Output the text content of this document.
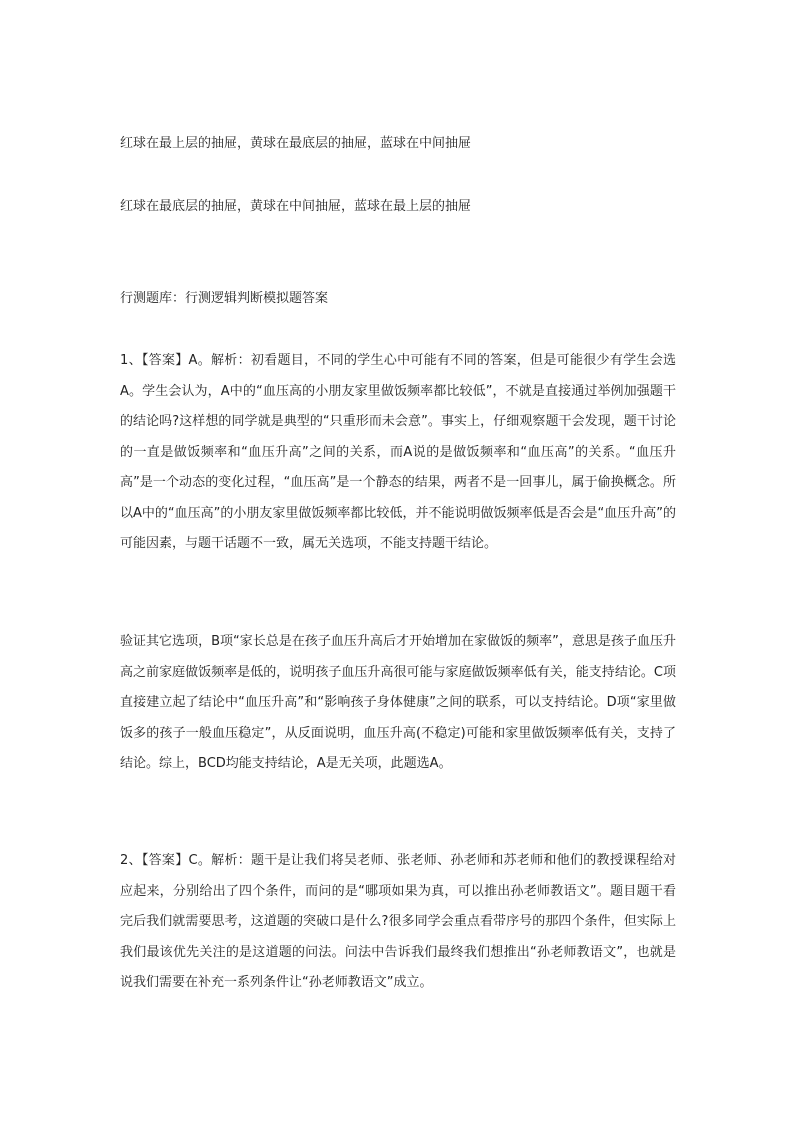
红球在最上层的抽屉，黄球在最底层的抽屉，蓝球在中间抽屉

红球在最底层的抽屉，黄球在中间抽屉，蓝球在最上层的抽屉

行测题库：行测逻辑判断模拟题答案

1、【答案】A。解析：初看题目，不同的学生心中可能有不同的答案，但是可能很少有学生会选A。学生会认为，A中的“血压高的小朋友家里做饭频率都比较低”，不就是直接通过举例加强题干的结论吗?这样想的同学就是典型的“只重形而未会意”。事实上，仔细观察题干会发现，题干讨论的一直是做饭频率和“血压升高”之间的关系，而A说的是做饭频率和“血压高”的关系。“血压升高”是一个动态的变化过程，“血压高”是一个静态的结果，两者不是一回事儿，属于偷换概念。所以A中的“血压高”的小朋友家里做饭频率都比较低，并不能说明做饭频率低是否会是“血压升高”的可能因素，与题干话题不一致，属无关选项，不能支持题干结论。

验证其它选项，B项“家长总是在孩子血压升高后才开始增加在家做饭的频率”，意思是孩子血压升高之前家庭做饭频率是低的，说明孩子血压升高很可能与家庭做饭频率低有关，能支持结论。C项直接建立起了结论中“血压升高”和“影响孩子身体健康”之间的联系，可以支持结论。D项“家里做饭多的孩子一般血压稳定”，从反面说明，血压升高(不稳定)可能和家里做饭频率低有关，支持了结论。综上，BCD均能支持结论，A是无关项，此题选A。

2、【答案】C。解析：题干是让我们将吴老师、张老师、孙老师和苏老师和他们的教授课程给对应起来，分别给出了四个条件，而问的是“哪项如果为真，可以推出孙老师教语文”。题目题干看完后我们就需要思考，这道题的突破口是什么?很多同学会重点看带序号的那四个条件，但实际上我们最该优先关注的是这道题的问法。问法中告诉我们最终我们想推出“孙老师教语文”，也就是说我们需要在补充一系列条件让“孙老师教语文”成立。
